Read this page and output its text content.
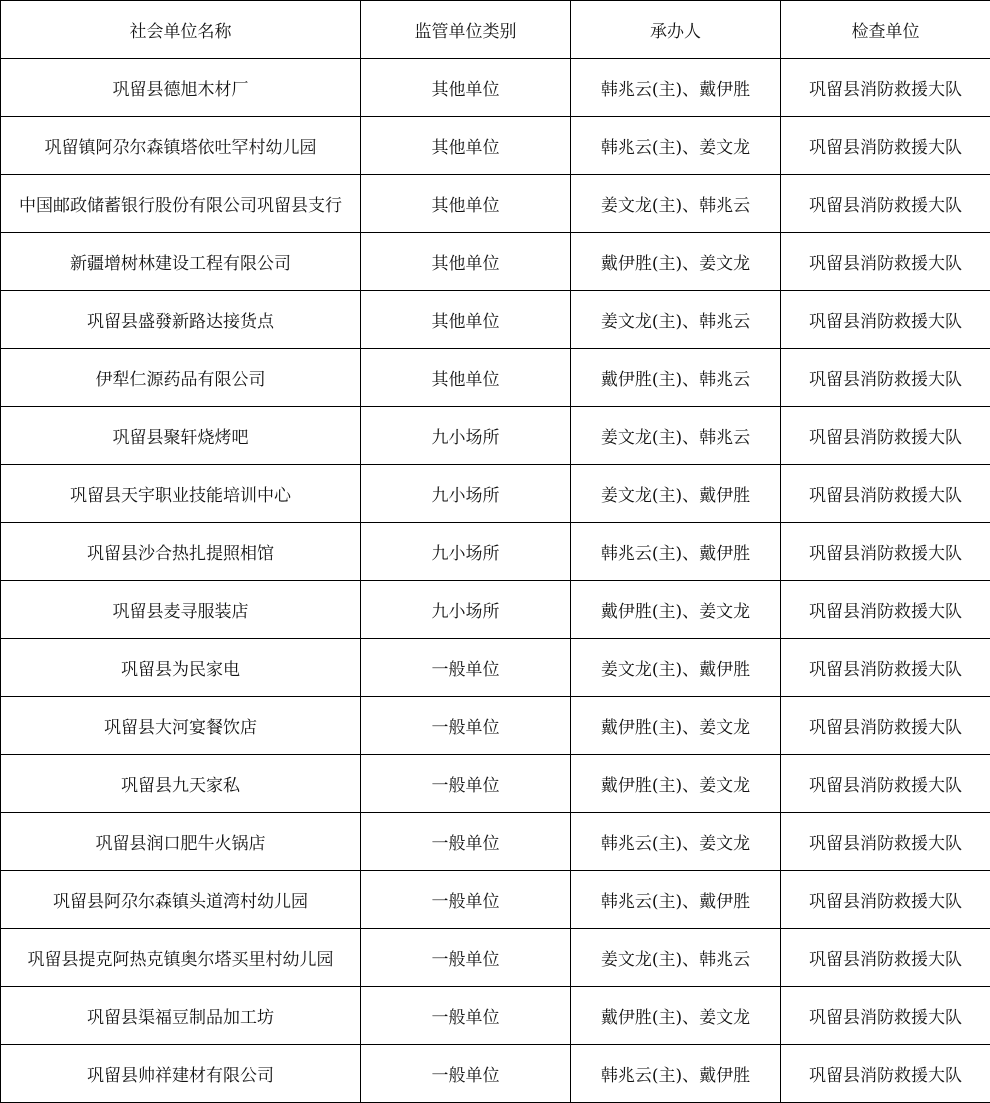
社会单位名称	监管单位类别	承办人	检查单位
巩留县德旭木材厂	其他单位	韩兆云(主)、戴伊胜	巩留县消防救援大队
巩留镇阿尕尔森镇塔依吐罕村幼儿园	其他单位	韩兆云(主)、姜文龙	巩留县消防救援大队
中国邮政储蓄银行股份有限公司巩留县支行	其他单位	姜文龙(主)、韩兆云	巩留县消防救援大队
新疆增树林建设工程有限公司	其他单位	戴伊胜(主)、姜文龙	巩留县消防救援大队
巩留县盛發新路达接货点	其他单位	姜文龙(主)、韩兆云	巩留县消防救援大队
伊犁仁源药品有限公司	其他单位	戴伊胜(主)、韩兆云	巩留县消防救援大队
巩留县聚轩烧烤吧	九小场所	姜文龙(主)、韩兆云	巩留县消防救援大队
巩留县天宇职业技能培训中心	九小场所	姜文龙(主)、戴伊胜	巩留县消防救援大队
巩留县沙合热扎提照相馆	九小场所	韩兆云(主)、戴伊胜	巩留县消防救援大队
巩留县麦寻服装店	九小场所	戴伊胜(主)、姜文龙	巩留县消防救援大队
巩留县为民家电	一般单位	姜文龙(主)、戴伊胜	巩留县消防救援大队
巩留县大河宴餐饮店	一般单位	戴伊胜(主)、姜文龙	巩留县消防救援大队
巩留县九天家私	一般单位	戴伊胜(主)、姜文龙	巩留县消防救援大队
巩留县润口肥牛火锅店	一般单位	韩兆云(主)、姜文龙	巩留县消防救援大队
巩留县阿尕尔森镇头道湾村幼儿园	一般单位	韩兆云(主)、戴伊胜	巩留县消防救援大队
巩留县提克阿热克镇奥尔塔买里村幼儿园	一般单位	姜文龙(主)、韩兆云	巩留县消防救援大队
巩留县渠福豆制品加工坊	一般单位	戴伊胜(主)、姜文龙	巩留县消防救援大队
巩留县帅祥建材有限公司	一般单位	韩兆云(主)、戴伊胜	巩留县消防救援大队
